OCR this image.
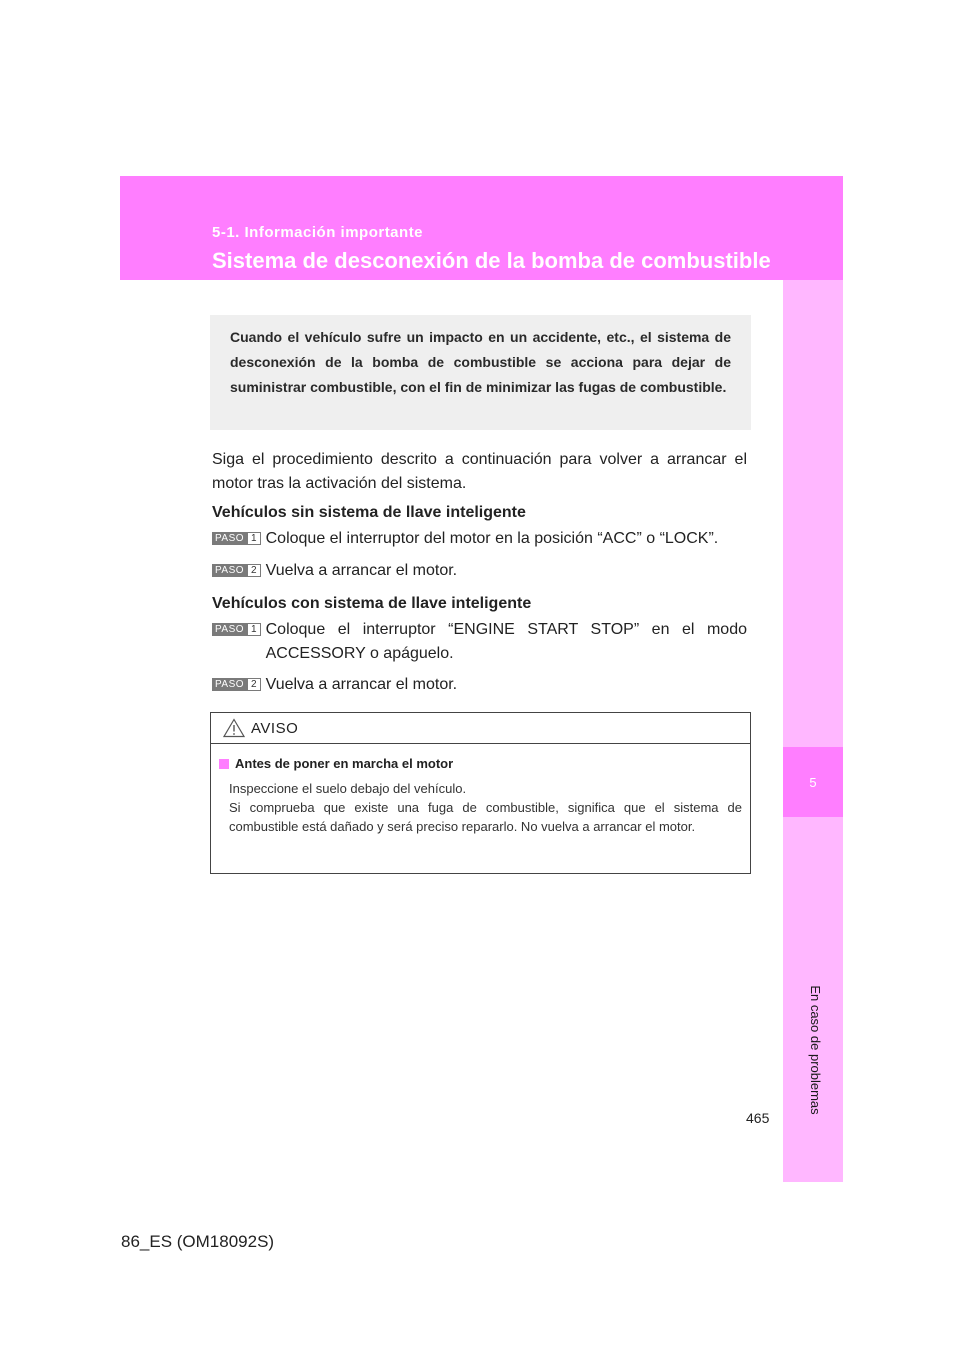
5-1. Información importante
Sistema de desconexión de la bomba de combustible
5
En caso de problemas

Cuando el vehículo sufre un impacto en un accidente, etc., el sistema de desconexión de la bomba de combustible se acciona para dejar de suministrar combustible, con el fin de minimizar las fugas de combustible.

Siga el procedimiento descrito a continuación para volver a arrancar el motor tras la activación del sistema.

Vehículos sin sistema de llave inteligente

PASO 1 Coloque el interruptor del motor en la posición “ACC” o “LOCK”.
PASO 2 Vuelva a arrancar el motor.

Vehículos con sistema de llave inteligente

PASO 1 Coloque el interruptor “ENGINE START STOP” en el modo ACCESSORY o apáguelo.
PASO 2 Vuelva a arrancar el motor.
AVISO
Antes de poner en marcha el motor

Inspeccione el suelo debajo del vehículo.

Si comprueba que existe una fuga de combustible, significa que el sistema de combustible está dañado y será preciso repararlo. No vuelva a arrancar el motor.

465
86_ES (OM18092S)
